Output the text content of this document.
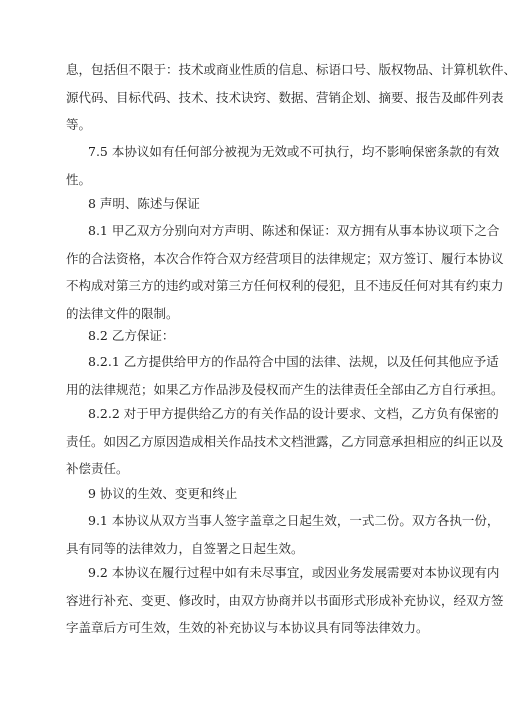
息，包括但不限于：技术或商业性质的信息、标语口号、版权物品、计算机软件、
源代码、目标代码、技术、技术诀窍、数据、营销企划、摘要、报告及邮件列表
等。
7.5 本协议如有任何部分被视为无效或不可执行，均不影响保密条款的有效
性。
8 声明、陈述与保证
8.1 甲乙双方分别向对方声明、陈述和保证：双方拥有从事本协议项下之合
作的合法资格，本次合作符合双方经营项目的法律规定；双方签订、履行本协议
不构成对第三方的违约或对第三方任何权利的侵犯，且不违反任何对其有约束力
的法律文件的限制。
8.2 乙方保证：
8.2.1 乙方提供给甲方的作品符合中国的法律、法规，以及任何其他应予适
用的法律规范；如果乙方作品涉及侵权而产生的法律责任全部由乙方自行承担。
8.2.2 对于甲方提供给乙方的有关作品的设计要求、文档，乙方负有保密的
责任。如因乙方原因造成相关作品技术文档泄露，乙方同意承担相应的纠正以及
补偿责任。
9 协议的生效、变更和终止
9.1 本协议从双方当事人签字盖章之日起生效，一式二份。双方各执一份，
具有同等的法律效力，自签署之日起生效。
9.2 本协议在履行过程中如有未尽事宜，或因业务发展需要对本协议现有内
容进行补充、变更、修改时，由双方协商并以书面形式形成补充协议，经双方签
字盖章后方可生效，生效的补充协议与本协议具有同等法律效力。
